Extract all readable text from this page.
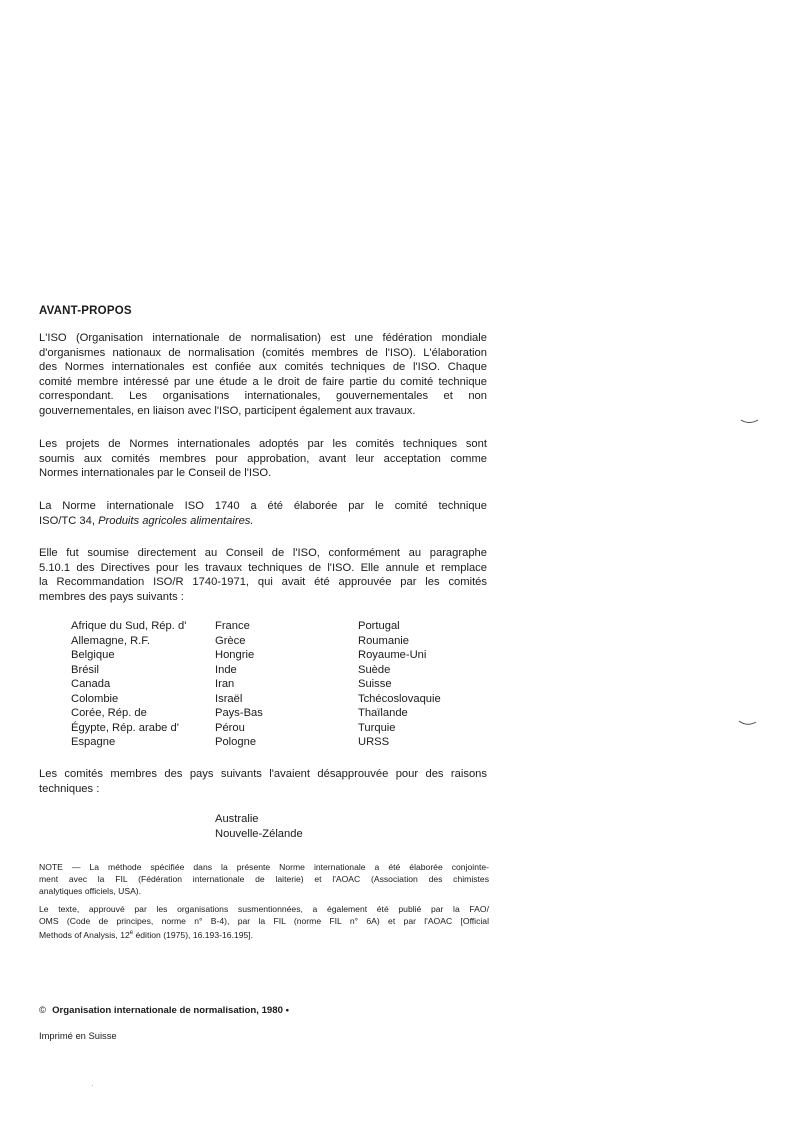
AVANT-PROPOS
L'ISO (Organisation internationale de normalisation) est une fédération mondiale
d'organismes nationaux de normalisation (comités membres de l'ISO). L'élaboration
des Normes internationales est confiée aux comités techniques de l'ISO. Chaque
comité membre intéressé par une étude a le droit de faire partie du comité technique
correspondant. Les organisations internationales, gouvernementales et non
gouvernementales, en liaison avec l'ISO, participent également aux travaux.
Les projets de Normes internationales adoptés par les comités techniques sont
soumis aux comités membres pour approbation, avant leur acceptation comme
Normes internationales par le Conseil de l'ISO.
La Norme internationale ISO 1740 a été élaborée par le comité technique
ISO/TC 34, Produits agricoles alimentaires.
Elle fut soumise directement au Conseil de l'ISO, conformément au paragraphe
5.10.1 des Directives pour les travaux techniques de l'ISO. Elle annule et remplace
la Recommandation ISO/R 1740-1971, qui avait été approuvée par les comités
membres des pays suivants :
Afrique du Sud, Rép. d'
Allemagne, R.F.
Belgique
Brésil
Canada
Colombie
Corée, Rép. de
Égypte, Rép. arabe d'
Espagne
France
Grèce
Hongrie
Inde
Iran
Israël
Pays-Bas
Pérou
Pologne
Portugal
Roumanie
Royaume-Uni
Suède
Suisse
Tchécoslovaquie
Thaïlande
Turquie
URSS
Les comités membres des pays suivants l'avaient désapprouvée pour des raisons
techniques :
Australie
Nouvelle-Zélande
NOTE — La méthode spécifiée dans la présente Norme internationale a été élaborée conjointe-
ment avec la FIL (Fédération internationale de laiterie) et l'AOAC (Association des chimistes
analytiques officiels, USA).
Le texte, approuvé par les organisations susmentionnées, a également été publié par la FAO/
OMS (Code de principes, norme n° B-4), par la FIL (norme FIL n° 6A) et par l'AOAC [Official
Methods of Analysis, 12e édition (1975), 16.193-16.195].
© Organisation internationale de normalisation, 1980 •
Imprimé en Suisse
